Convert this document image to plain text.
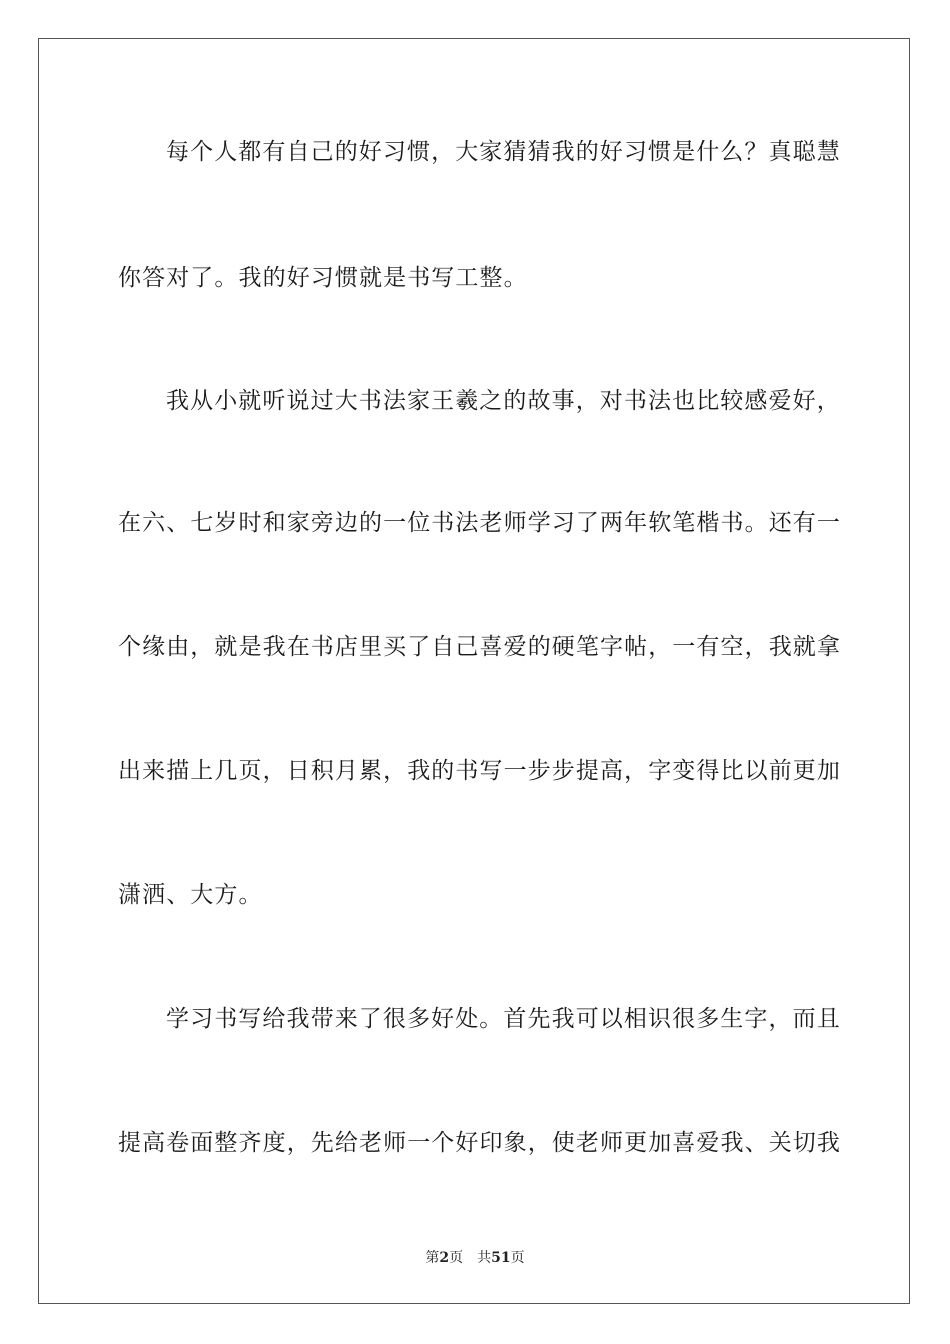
每个人都有自己的好习惯，大家猜猜我的好习惯是什么？真聪慧
你答对了。我的好习惯就是书写工整。
我从小就听说过大书法家王羲之的故事，对书法也比较感爱好，
在六、七岁时和家旁边的一位书法老师学习了两年软笔楷书。还有一
个缘由，就是我在书店里买了自己喜爱的硬笔字帖，一有空，我就拿
出来描上几页，日积月累，我的书写一步步提高，字变得比以前更加
潇洒、大方。
学习书写给我带来了很多好处。首先我可以相识很多生字，而且
提高卷面整齐度，先给老师一个好印象，使老师更加喜爱我、关切我
第2页 共51页
